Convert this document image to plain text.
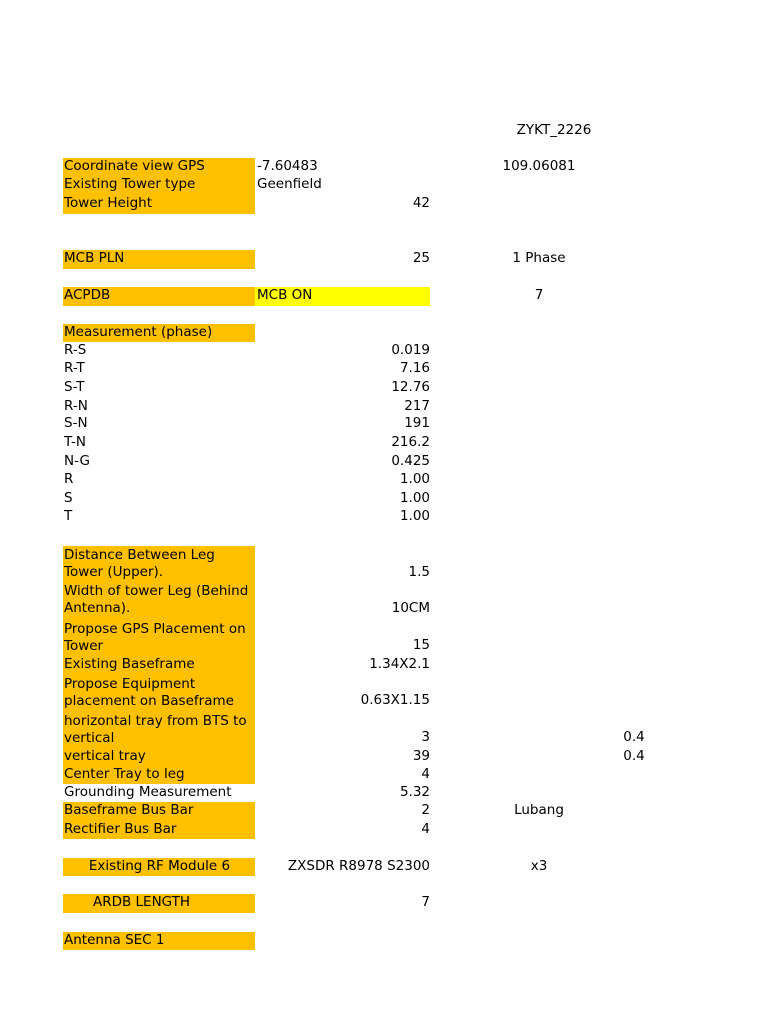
ZYKT_2226
Coordinate view GPS	-7.60483	109.06081
Existing Tower type	Geenfield
Tower Height	42
MCB PLN	25	1 Phase
ACPDB	MCB ON	7
Measurement (phase)
R-S	0.019
R-T	7.16
S-T	12.76
R-N	217
S-N	191
T-N	216.2
N-G	0.425
R	1.00
S	1.00
T	1.00
Distance Between Leg Tower (Upper).	1.5
Width of tower Leg (Behind Antenna).	10CM
Propose GPS Placement on Tower	15
Existing Baseframe	1.34X2.1
Propose Equipment placement on Baseframe	0.63X1.15
horizontal tray from BTS to vertical	3	0.4
vertical tray	39	0.4
Center Tray to leg	4
Grounding Measurement	5.32
Baseframe Bus Bar	2	Lubang
Rectifier Bus Bar	4
Existing RF Module 6	ZXSDR R8978 S2300	x3
ARDB LENGTH	7
Antenna SEC 1
